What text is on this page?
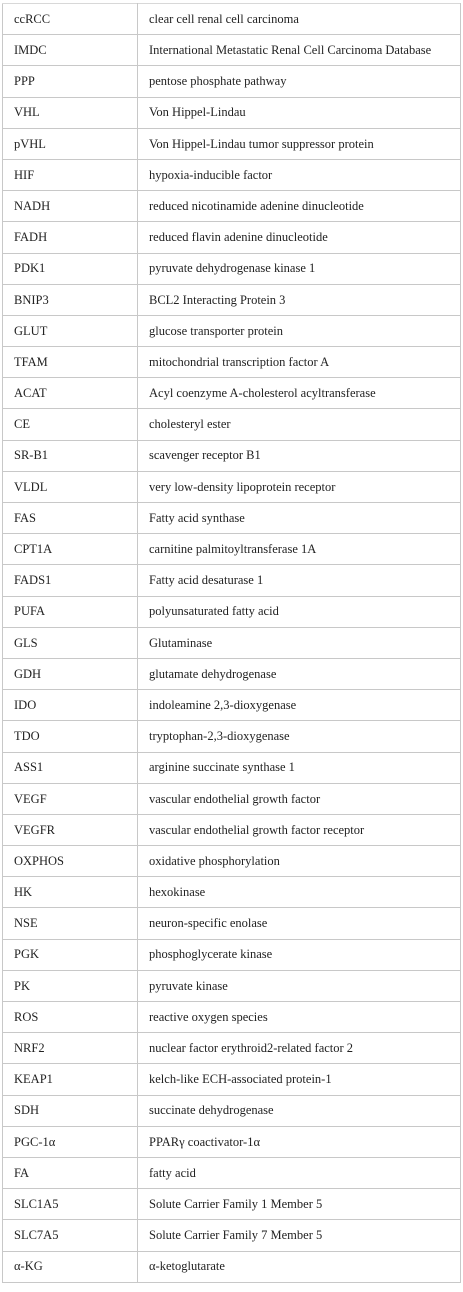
ccRCC	clear cell renal cell carcinoma
IMDC	International Metastatic Renal Cell Carcinoma Database
PPP	pentose phosphate pathway
VHL	Von Hippel-Lindau
pVHL	Von Hippel-Lindau tumor suppressor protein
HIF	hypoxia-inducible factor
NADH	reduced nicotinamide adenine dinucleotide
FADH	reduced flavin adenine dinucleotide
PDK1	pyruvate dehydrogenase kinase 1
BNIP3	BCL2 Interacting Protein 3
GLUT	glucose transporter protein
TFAM	mitochondrial transcription factor A
ACAT	Acyl coenzyme A-cholesterol acyltransferase
CE	cholesteryl ester
SR-B1	scavenger receptor B1
VLDL	very low-density lipoprotein receptor
FAS	Fatty acid synthase
CPT1A	carnitine palmitoyltransferase 1A
FADS1	Fatty acid desaturase 1
PUFA	polyunsaturated fatty acid
GLS	Glutaminase
GDH	glutamate dehydrogenase
IDO	indoleamine 2,3-dioxygenase
TDO	tryptophan-2,3-dioxygenase
ASS1	arginine succinate synthase 1
VEGF	vascular endothelial growth factor
VEGFR	vascular endothelial growth factor receptor
OXPHOS	oxidative phosphorylation
HK	hexokinase
NSE	neuron-specific enolase
PGK	phosphoglycerate kinase
PK	pyruvate kinase
ROS	reactive oxygen species
NRF2	nuclear factor erythroid2-related factor 2
KEAP1	kelch-like ECH-associated protein-1
SDH	succinate dehydrogenase
PGC-1α	PPARγ coactivator-1α
FA	fatty acid
SLC1A5	Solute Carrier Family 1 Member 5
SLC7A5	Solute Carrier Family 7 Member 5
α-KG	α-ketoglutarate
